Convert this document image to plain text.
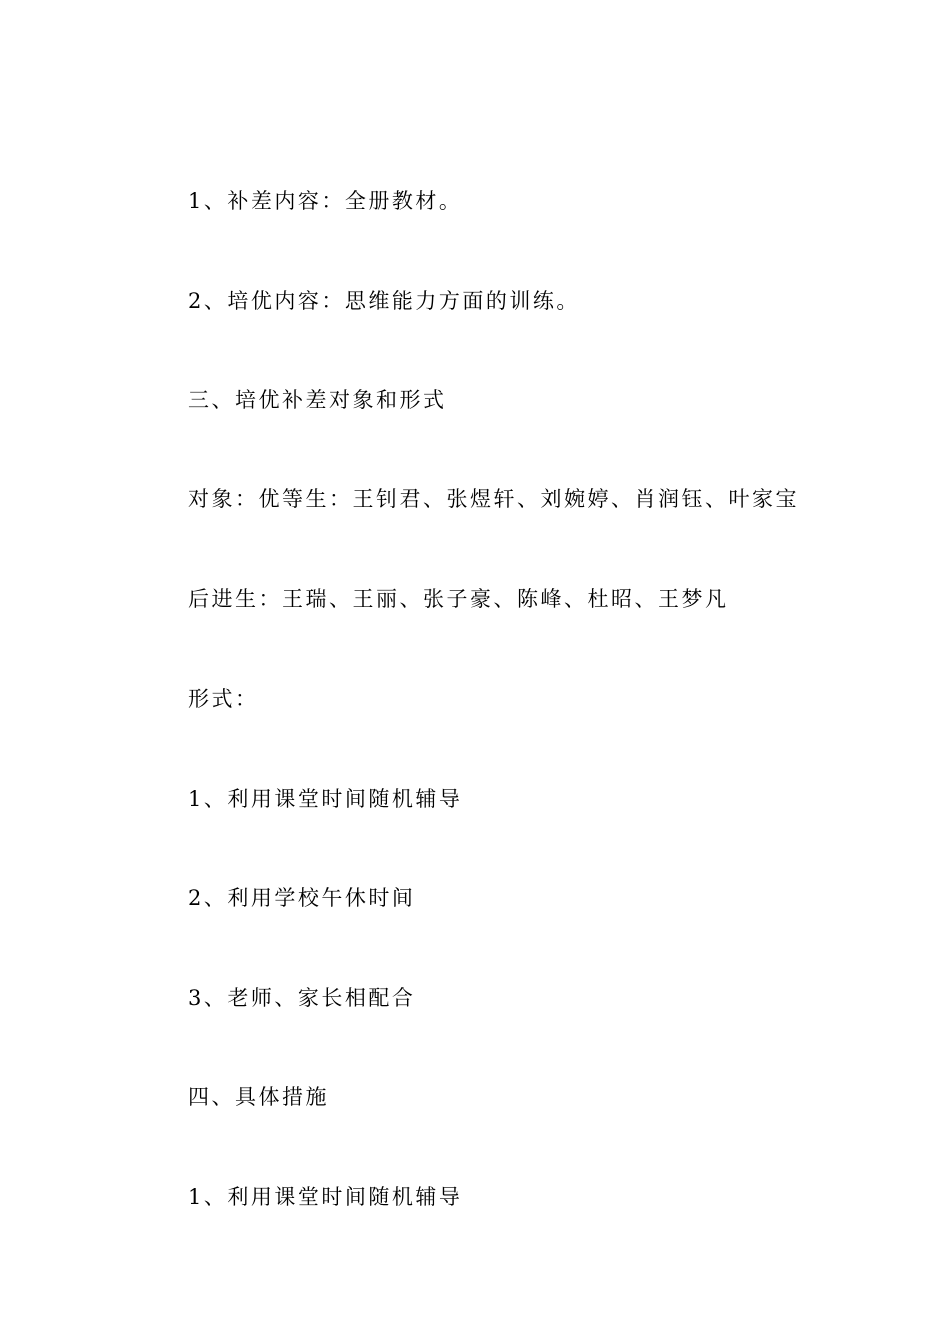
1、补差内容：全册教材。
2、培优内容：思维能力方面的训练。
三、培优补差对象和形式
对象：优等生：王钊君、张煜轩、刘婉婷、肖润钰、叶家宝
后进生：王瑞、王丽、张子豪、陈峰、杜昭、王梦凡
形式：
1、利用课堂时间随机辅导
2、利用学校午休时间
3、老师、家长相配合
四、具体措施
1、利用课堂时间随机辅导
